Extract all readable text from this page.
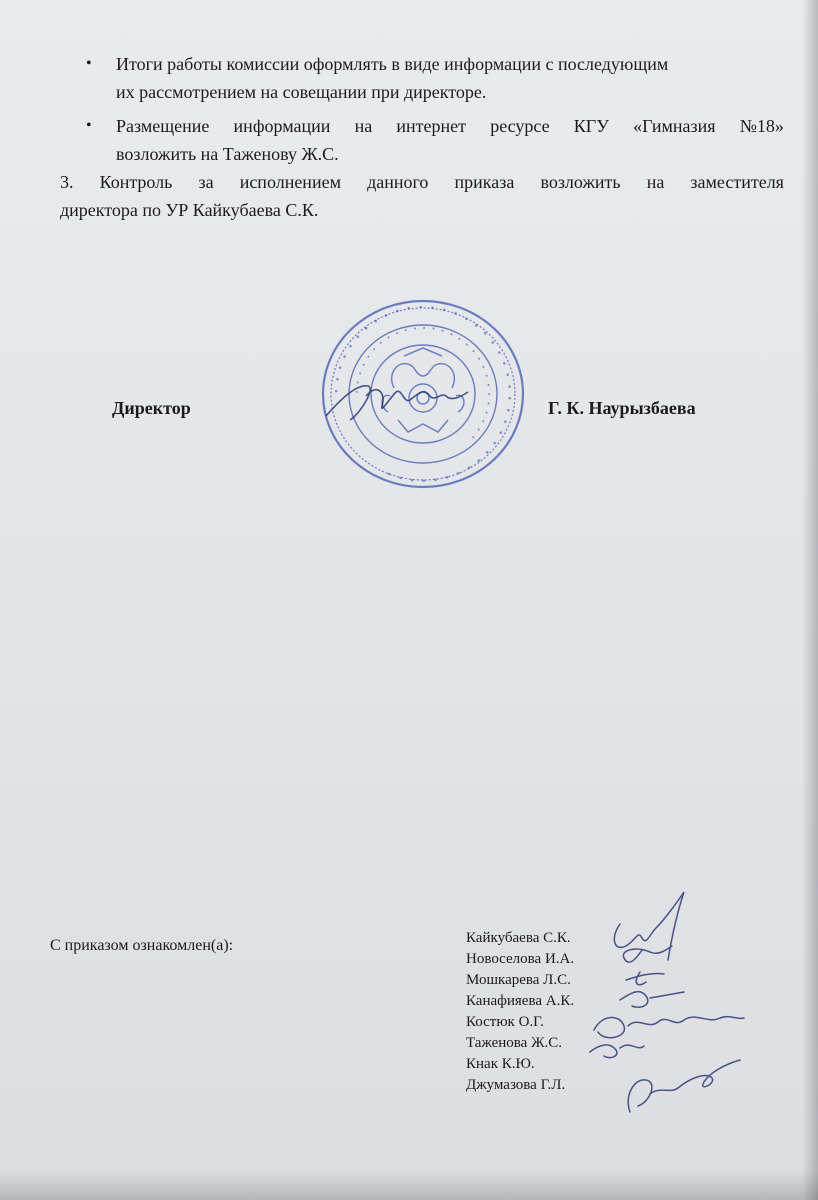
• Итоги работы комиссии оформлять в виде информации с последующим
их рассмотрением на совещании при директоре.
• Размещение информации на интернет ресурсе КГУ «Гимназия №18»
возложить на Таженову Ж.С.
3. Контроль за исполнением данного приказа возложить на заместителя
директора по УР Кайкубаева С.К.
∙ ∙ ∙ ∙ ∙ ∙ ∙ ∙ ∙ ∙ ∙ ∙ ∙ ∙ ∙ ∙ ∙ ∙ ∙ ∙ ∙ ∙ ∙ ∙ ∙ ∙ ∙ ∙ ∙ ∙ ∙ ∙ ∙ ∙ ∙ ∙ ∙ ∙
∙ ∙ ∙ ∙ ∙ ∙ ∙ ∙ ∙ ∙ ∙ ∙ ∙ ∙ ∙ ∙ ∙ ∙ ∙ ∙ ∙ ∙ ∙ ∙ ∙ ∙ ∙ ∙
Директор	Г. К. Наурызбаева
С приказом ознакомлен(а):	Кайкубаева С.К.
Новоселова И.А.
Мошкарева Л.С.
Канафияева А.К.
Костюк О.Г.
Таженова Ж.С.
Кнак К.Ю.
Джумазова Г.Л.
